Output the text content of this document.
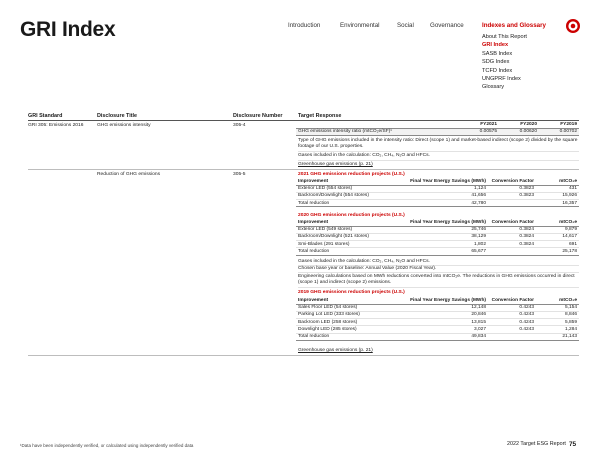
GRI Index	Introduction	Environmental	Social	Governance	Indexes and Glossary
About This Report
GRI Index
SASB Index
SDG Index
TCFD Index
UNGPRF Index
Glossary
GRI Standard	Disclosure Title	Disclosure Number	Target Response
GRI 305: Emissions 2016	GHG emissions intensity	305-4
		FY2021	FY2020	FY2019
GHG emissions intensity ratio (mtCO₂e/SF)¹	0.00575	0.00620	0.00702
Type of GHG emissions included in the intensity ratio: Direct (scope 1) and market-based indirect (scope 2) divided by the square footage of our U.S. properties.
Gases included in the calculation: CO₂, CH₄, N₂O and HFCs.
Greenhouse gas emissions (p. 21)
Reduction of GHG emissions	305-5	2021 GHG emissions reduction projects (U.S.)
Improvement	Final Year Energy Savings (MWh)	Conversion Factor	mtCO₂e
Exterior LED (554 stores)	1,124	0.3823	431
Backroom/Downlight (554 stores)	41,656	0.3823	15,926
Total reduction	42,780		16,357
2020 GHG emissions reduction projects (U.S.)
Improvement	Final Year Energy Savings (MWh)	Conversion Factor	mtCO₂e
Exterior LED (549 stores)	25,746	0.3824	9,879
Backroom/Downlight (521 stores)	38,129	0.3824	14,617
Smi-Blades (291 stores)	1,802	0.3824	691
Total reduction	65,677		25,178
Gases included in the calculation: CO₂, CH₄, N₂O and HFCs.
Chosen base year or baseline: Annual Value (2020 Fiscal Year).
Engineering calculations based on MWh reductions converted into mtCO₂e. The reductions in GHG emissions occurred in direct (scope 1) and indirect (scope 2) emissions.
2019 GHG emissions reduction projects (U.S.)
Improvement	Final Year Energy Savings (MWh)	Conversion Factor	mtCO₂e
Sales Floor LED (54 stores)	12,148	0.4243	5,154
Parking Lot LED (333 stores)	20,846	0.4243	8,846
Backroom LED (258 stores)	13,815	0.4243	5,859
Downlight LED (285 stores)	3,027	0.4243	1,284
Total reduction	49,834		21,143
Greenhouse gas emissions (p. 21)
¹Data have been independently verified, or calculated using independently verified data	2022 Target ESG Report 75
